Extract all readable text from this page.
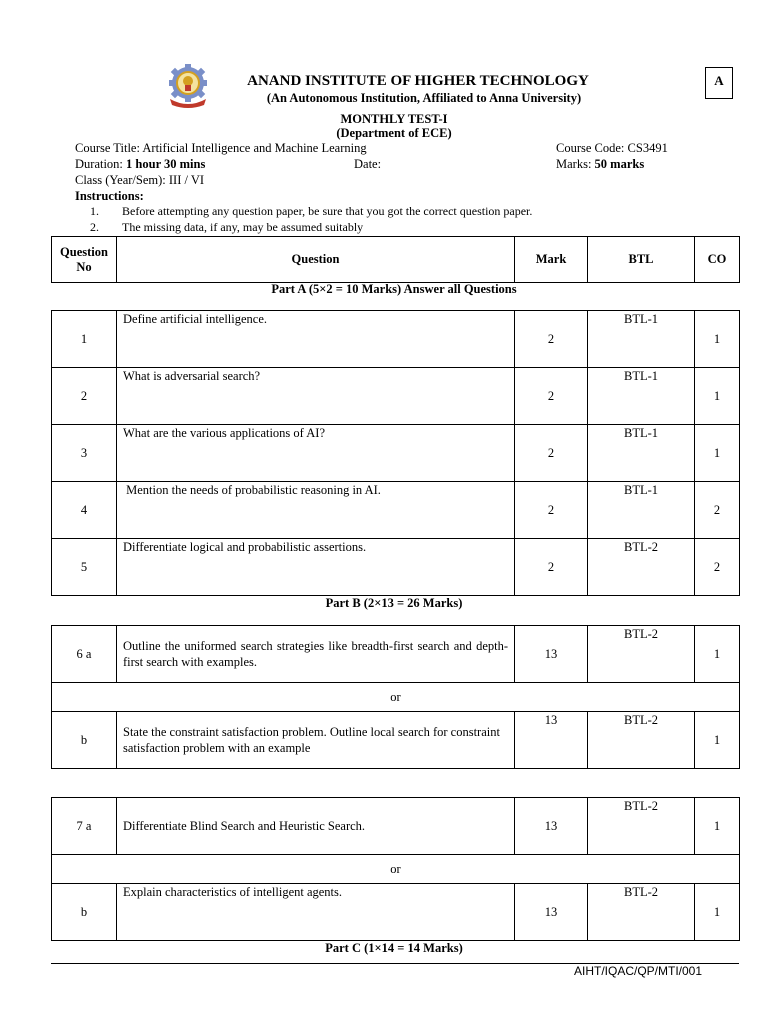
ANAND INSTITUTE OF HIGHER TECHNOLOGY
(An Autonomous Institution, Affiliated to Anna University)
A
MONTHLY TEST-I
(Department of ECE)
Course Title: Artificial Intelligence and Machine Learning	Course Code: CS3491
Duration: 1 hour 30 mins	Date:	Marks: 50 marks
Class (Year/Sem): III / VI
Instructions:
1. Before attempting any question paper, be sure that you got the correct question paper.
2. The missing data, if any, may be assumed suitably
Question
No	Question	Mark	BTL	CO
Part A (5×2 = 10 Marks) Answer all Questions
1	Define artificial intelligence.	2	BTL-1	1
2	What is adversarial search?	2	BTL-1	1
3	What are the various applications of AI?	2	BTL-1	1
4	Mention the needs of probabilistic reasoning in AI.	2	BTL-1	2
5	Differentiate logical and probabilistic assertions.	2	BTL-2	2
Part B (2×13 = 26 Marks)
6 a	Outline the uniformed search strategies like breadth-first search and depth-first search with examples.	13	BTL-2	1
or				
b	State the constraint satisfaction problem. Outline local search for constraint satisfaction problem with an example	13	BTL-2	1
7 a	Differentiate Blind Search and Heuristic Search.	13	BTL-2	1
or				
b	Explain characteristics of intelligent agents.	13	BTL-2	1
Part C (1×14 = 14 Marks)
AIHT/IQAC/QP/MTI/001
